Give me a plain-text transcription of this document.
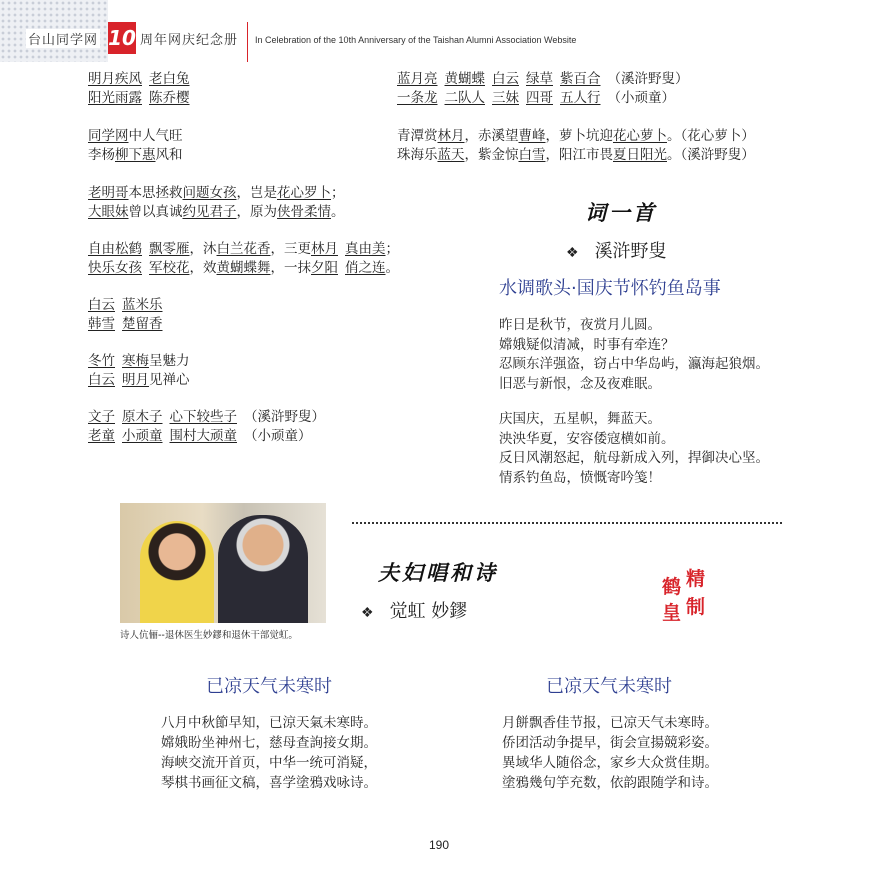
台山同学网 10 周年网庆纪念册 In Celebration of the 10th Anniversary of the Taishan Alumni Association Website
明月疾风 老白兔
阳光雨露 陈乔樱
同学网中人气旺
李杨柳下惠风和
老明哥本思拯救问题女孩，岂是花心罗卜；
大眼妹曾以真诚约见君子，原为侠骨柔情。
自由松鹤 飘零雁，沐白兰花香，三更林月 真由美；
快乐女孩 军校花，效黄蝴蝶舞，一抹夕阳 俏之连。
白云 蓝米乐
韩雪 楚留香
冬竹 寒梅呈魅力
白云 明月见禅心
文子 原木子 心下较些子 （溪浒野叟）
老童 小顽童 围村大顽童 （小顽童）
蓝月亮 黄蝴蝶 白云 绿草 紫百合 （溪浒野叟）
一条龙 二队人 三妹 四哥 五人行 （小顽童）
青潭赏林月，赤溪望曹峰，萝卜坑迎花心萝卜。（花心萝卜）
珠海乐蓝天，紫金惊白雪，阳江市畏夏日阳光。（溪浒野叟）
词一首
❖ 溪浒野叟
水调歌头·国庆节怀钓鱼岛事
昨日是秋节，夜赏月儿圆。
嫦娥疑似清减，时事有牵连？
忍顾东洋强盗，窃占中华岛屿，瀛海起狼烟。
旧恶与新恨，念及夜难眠。
庆国庆，五星帜，舞蓝天。
泱泱华夏，安容倭寇横如前。
反日风潮怒起，航母新成入列，捍御决心坚。
情系钓鱼岛，愤慨寄吟笺！
诗人伉俪--退休医生妙鏐和退休干部觉虹。
夫妇唱和诗
❖ 觉虹 妙鏐
精
制
鹤
皇
已凉天气未寒时
八月中秋節早知，已涼天氣未寒時。
嫦娥盼坐神州七，慈母查詢接女期。
海峡交流开首页，中华一统可消疑，
琴棋书画征文稿，喜学塗鴉戏咏诗。
已凉天气未寒时
月餅飘香佳节报，已凉天气未寒時。
侨团活动争提早，街会宣揚競彩姿。
異域华人随俗念，家乡大众赏佳期。
塗鴉幾句竽充数，依韵跟随学和诗。
190
